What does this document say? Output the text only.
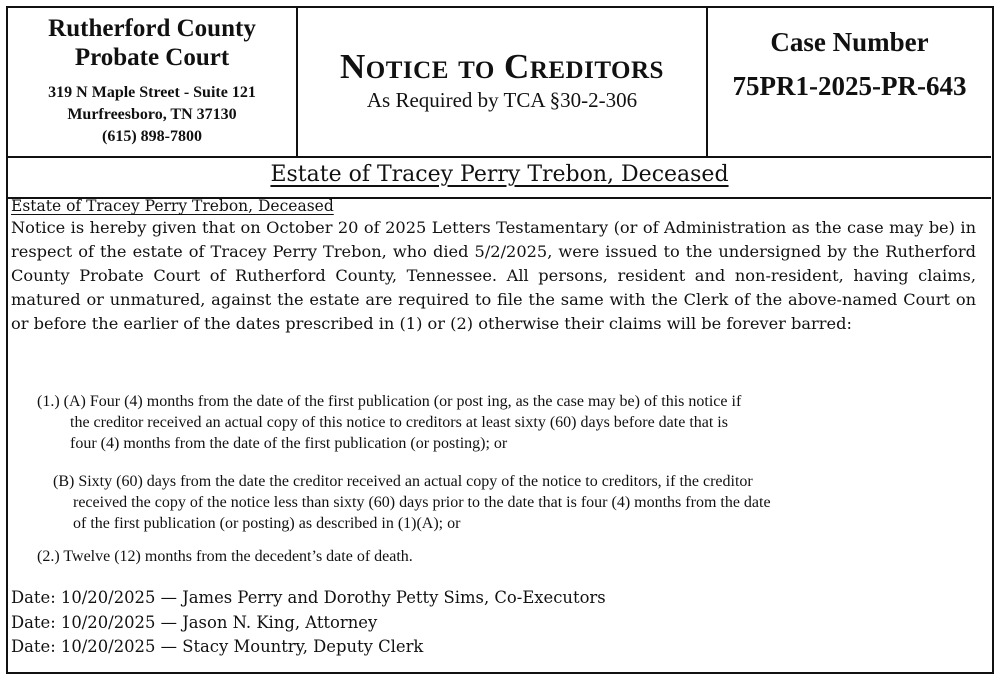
Rutherford County
Probate Court
319 N Maple Street - Suite 121
Murfreesboro, TN 37130
(615) 898-7800
Notice to Creditors
As Required by TCA §30-2-306
Case Number
75PR1-2025-PR-643
Estate of Tracey Perry Trebon, Deceased

Estate of Tracey Perry Trebon, Deceased

Notice is hereby given that on October 20 of 2025 Letters Testamentary (or of Administration as the case may be) in respect of the estate of Tracey Perry Trebon, who died 5/2/2025, were issued to the undersigned by the Rutherford County Probate Court of Rutherford County, Tennessee. All persons, resident and non-resident, having claims, matured or unmatured, against the estate are required to file the same with the Clerk of the above-named Court on or before the earlier of the dates prescribed in (1) or (2) otherwise their claims will be forever barred:

(1.) (A) Four (4) months from the date of the first publication (or post ing, as the case may be) of this notice if

the creditor received an actual copy of this notice to creditors at least sixty (60) days before date that is

four (4) months from the date of the first publication (or posting); or

(B) Sixty (60) days from the date the creditor received an actual copy of the notice to creditors, if the creditor

received the copy of the notice less than sixty (60) days prior to the date that is four (4) months from the date

of the first publication (or posting) as described in (1)(A); or

(2.) Twelve (12) months from the decedent’s date of death.

Date: 10/20/2025 — James Perry and Dorothy Petty Sims, Co-Executors
Date: 10/20/2025 — Jason N. King, Attorney
Date: 10/20/2025 — Stacy Mountry, Deputy Clerk
